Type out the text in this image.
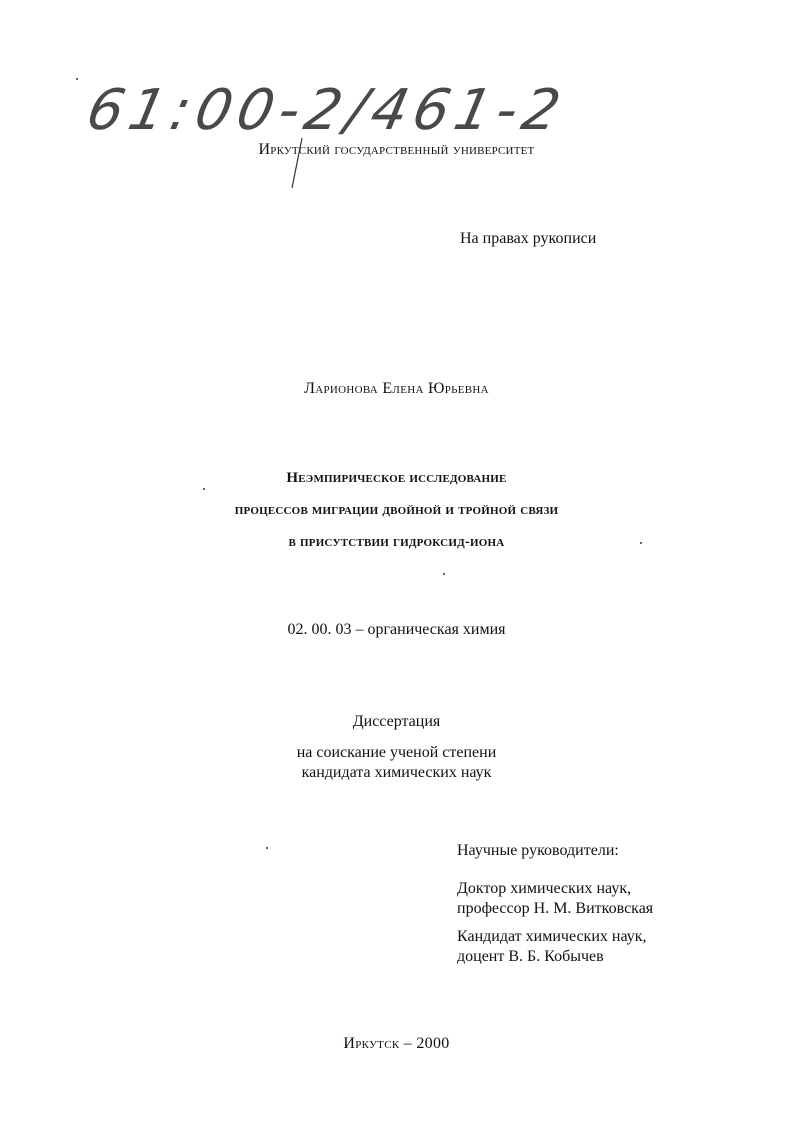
61:00-2/461-2
Иркутский государственный университет
На правах рукописи
Ларионова Елена Юрьевна
Неэмпирическое исследование
процессов миграции двойной и тройной связи
в присутствии гидроксид-иона
02. 00. 03 – органическая химия
Диссертация
на соискание ученой степени
кандидата химических наук
Научные руководители:
Доктор химических наук,
профессор Н. М. Витковская
Кандидат химических наук,
доцент В. Б. Кобычев
Иркутск – 2000
